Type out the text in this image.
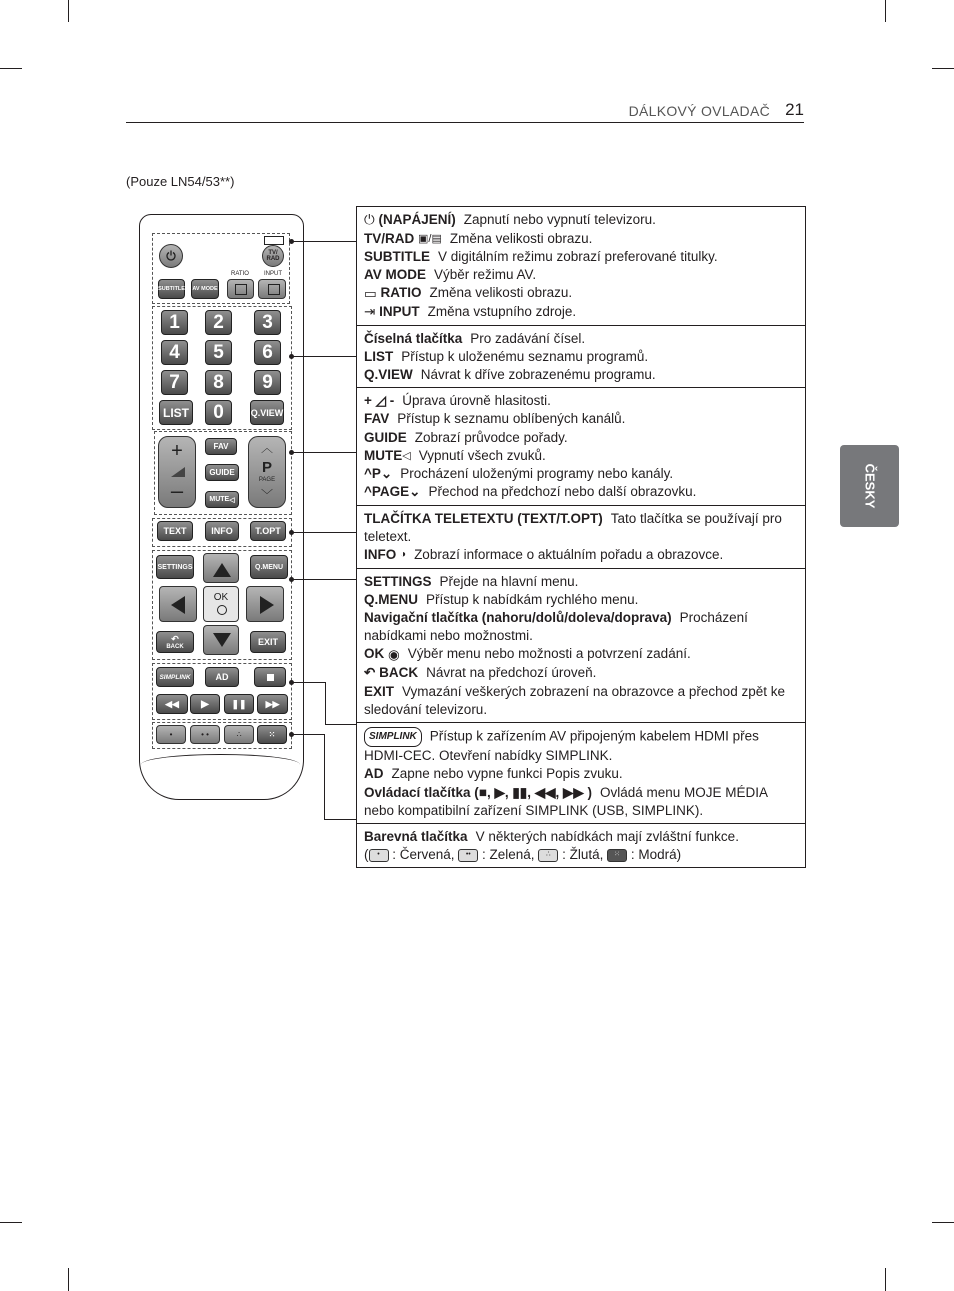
DÁLKOVÝ OVLADAČ 21
(Pouze LN54/53**)
ČESKY
TV/
RAD
RATIO	INPUT
SUBTITLE AV MODE
1	2	3
4	5	6
7	8	9
LIST	0	Q.VIEW
+
–
FAV
GUIDE
MUTE ◁
︿
P
PAGE
﹀
TEXT	INFO	T.OPT
SETTINGS	Q.MENU
OK
↶
BACK	EXIT
SIMPLINK	AD
◀◀ ▶	❚❚ ▶▶
•	• •	∴	⁙
⏻ (NAPÁJENÍ) Zapnutí nebo vypnutí televizoru.
TV/RAD ▣/▤ Změna velikosti obrazu.
SUBTITLE V digitálním režimu zobrazí preferované titulky.
AV MODE Výběr režimu AV.
▭ RATIO Změna velikosti obrazu.
⇥ INPUT Změna vstupního zdroje.
Číselná tlačítka Pro zadávání čísel.
LIST Přístup k uloženému seznamu programů.
Q.VIEW Návrat k dříve zobrazenému programu.
+ ◿ - Úprava úrovně hlasitosti.
FAV Přístup k seznamu oblíbených kanálů.
GUIDE Zobrazí průvodce pořady.
MUTE◁ Vypnutí všech zvuků.
^P⌄ Procházení uloženými programy nebo kanály.
^PAGE⌄ Přechod na předchozí nebo další obrazovku.
TLAČÍTKA TELETEXTU (TEXT/T.OPT) Tato tlačítka se používají pro teletext.
INFO ◑ Zobrazí informace o aktuálním pořadu a obrazovce.
SETTINGS Přejde na hlavní menu.
Q.MENU Přístup k nabídkám rychlého menu.
Navigační tlačítka (nahoru/dolů/doleva/doprava) Procházení nabídkami nebo možnostmi.
OK ◉ Výběr menu nebo možnosti a potvrzení zadání.
↶ BACK Návrat na předchozí úroveň.
EXIT Vymazání veškerých zobrazení na obrazovce a přechod zpět ke sledování televizoru.
SIMPLINK Přístup k zařízením AV připojeným kabelem HDMI přes HDMI-CEC. Otevření nabídky SIMPLINK.
AD Zapne nebo vypne funkci Popis zvuku.
Ovládací tlačítka (■, ▶, ▮▮, ◀◀, ▶▶ ) Ovládá menu MOJE MÉDIA nebo kompatibilní zařízení SIMPLINK (USB, SIMPLINK).
Barevná tlačítka V některých nabídkách mají zvláštní funkce.
( • : Červená, •• : Zelená, ∴ : Žlutá, ⁙ : Modrá)
